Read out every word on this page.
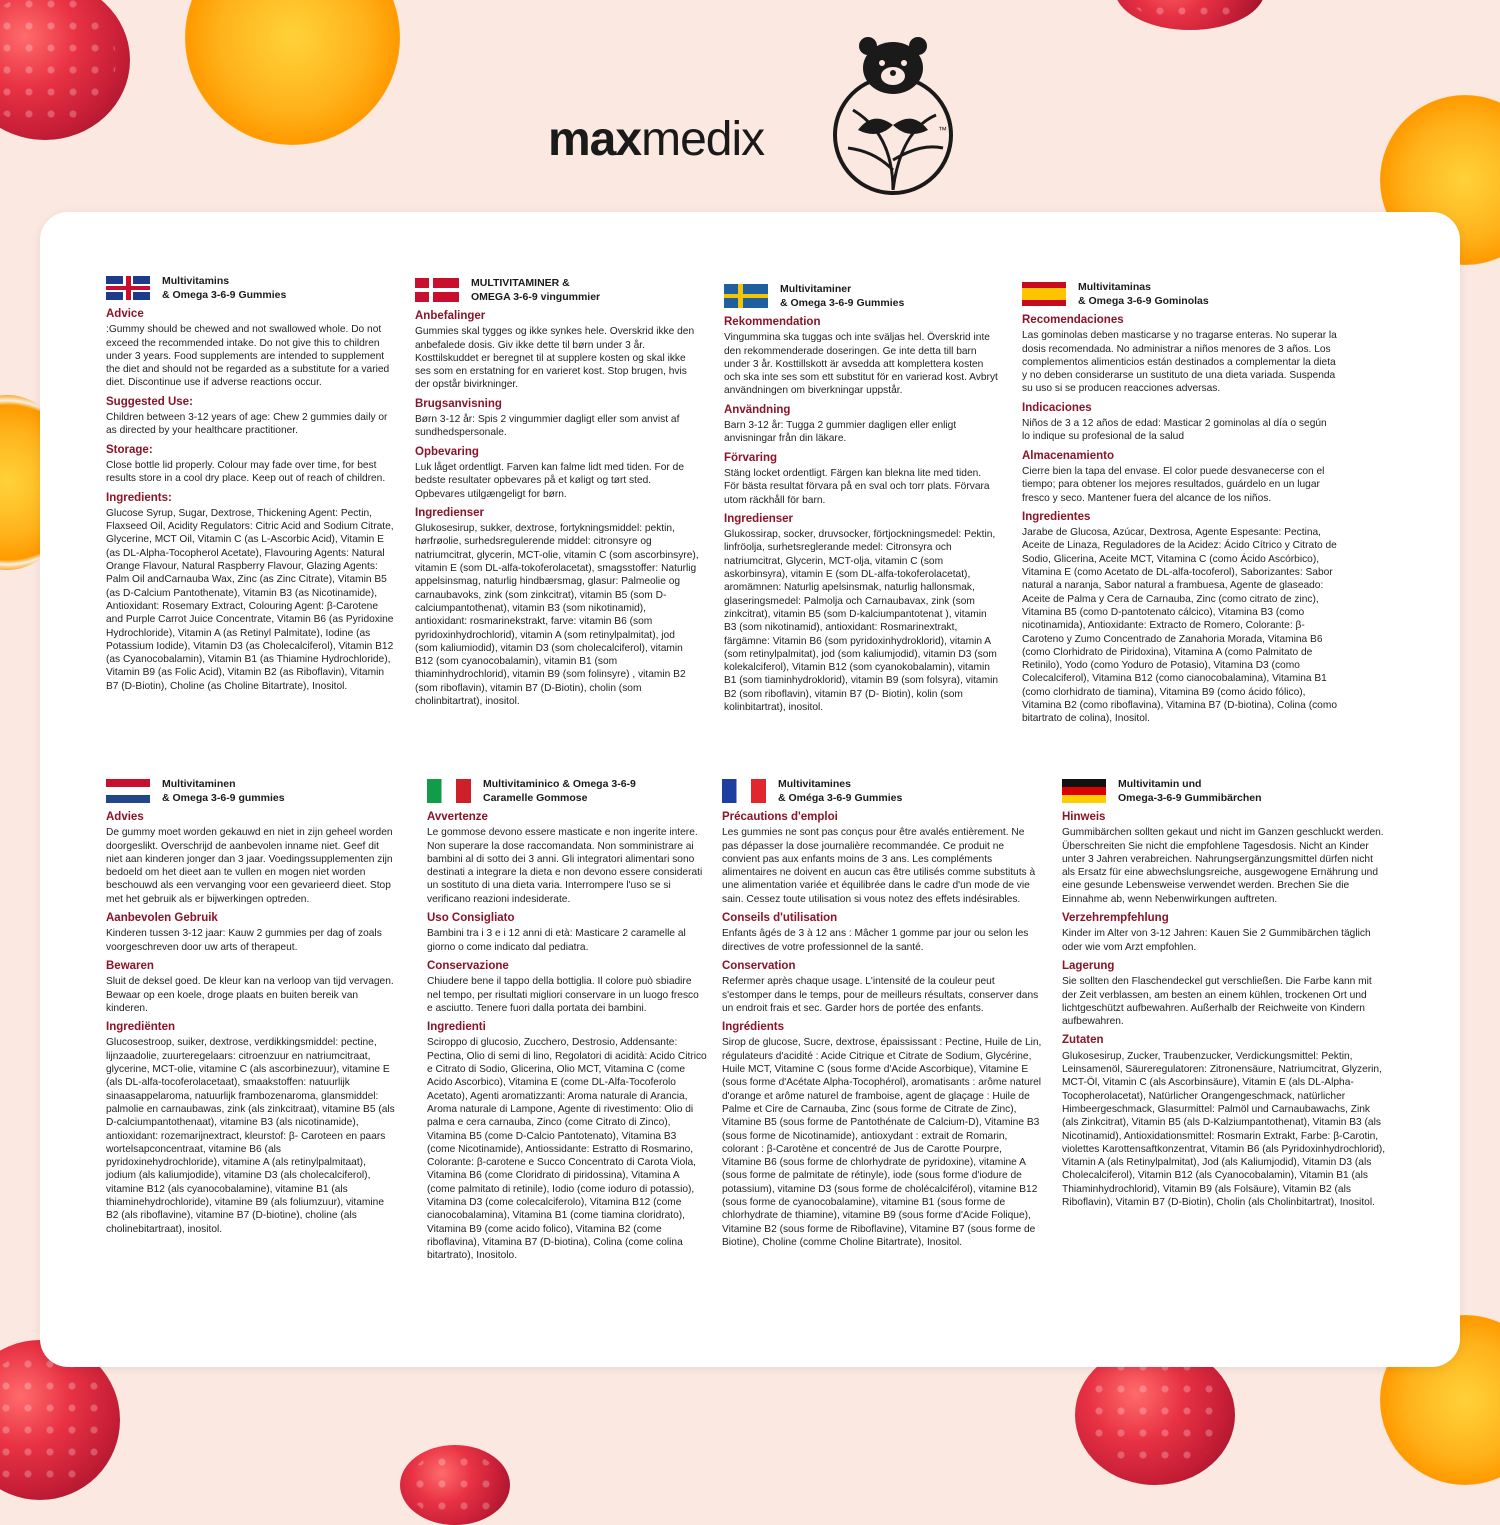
maxmedix	™
Multivitamins
& Omega 3-6-9 Gummies
Advice

:Gummy should be chewed and not swallowed whole. Do not exceed the recommended intake. Do not give this to children under 3 years. Food supplements are intended to supplement the diet and should not be regarded as a substitute for a varied diet. Discontinue use if adverse reactions occur.

Suggested Use:

Children between 3-12 years of age: Chew 2 gummies daily or as directed by your healthcare practitioner.

Storage:

Close bottle lid properly. Colour may fade over time, for best results store in a cool dry place. Keep out of reach of children.

Ingredients:

Glucose Syrup, Sugar, Dextrose, Thickening Agent: Pectin, Flaxseed Oil, Acidity Regulators: Citric Acid and Sodium Citrate, Glycerine, MCT Oil, Vitamin C (as L-Ascorbic Acid), Vitamin E (as DL-Alpha-Tocopherol Acetate), Flavouring Agents: Natural Orange Flavour, Natural Raspberry Flavour, Glazing Agents: Palm Oil andCarnauba Wax, Zinc (as Zinc Citrate), Vitamin B5 (as D-Calcium Pantothenate), Vitamin B3 (as Nicotinamide), Antioxidant: Rosemary Extract, Colouring Agent: β-Carotene and Purple Carrot Juice Concentrate, Vitamin B6 (as Pyridoxine Hydrochloride), Vitamin A (as Retinyl Palmitate), Iodine (as Potassium Iodide), Vitamin D3 (as Cholecalciferol), Vitamin B12 (as Cyanocobalamin), Vitamin B1 (as Thiamine Hydrochloride), Vitamin B9 (as Folic Acid), Vitamin B2 (as Riboflavin), Vitamin B7 (D-Biotin), Choline (as Choline Bitartrate), Inositol.

MULTIVITAMINER &
OMEGA 3-6-9 vingummier
Anbefalinger

Gummies skal tygges og ikke synkes hele. Overskrid ikke den anbefalede dosis. Giv ikke dette til børn under 3 år. Kosttilskuddet er beregnet til at supplere kosten og skal ikke ses som en erstatning for en varieret kost. Stop brugen, hvis der opstår bivirkninger.

Brugsanvisning

Børn 3-12 år: Spis 2 vingummier dagligt eller som anvist af sundhedspersonale.

Opbevaring

Luk låget ordentligt. Farven kan falme lidt med tiden. For de bedste resultater opbevares på et køligt og tørt sted. Opbevares utilgængeligt for børn.

Ingredienser

Glukosesirup, sukker, dextrose, fortykningsmiddel: pektin, hørfrøolie, surhedsregulerende middel: citronsyre og natriumcitrat, glycerin, MCT-olie, vitamin C (som ascorbinsyre), vitamin E (som DL-alfa-tokoferolacetat), smagsstoffer: Naturlig appelsinsmag, naturlig hindbærsmag, glasur: Palmeolie og carnaubavoks, zink (som zinkcitrat), vitamin B5 (som D-calciumpantothenat), vitamin B3 (som nikotinamid), antioxidant: rosmarinekstrakt, farve: vitamin B6 (som pyridoxinhydrochlorid), vitamin A (som retinylpalmitat), jod (som kaliumiodid), vitamin D3 (som cholecalciferol), vitamin B12 (som cyanocobalamin), vitamin B1 (som thiaminhydrochlorid), vitamin B9 (som folinsyre) , vitamin B2 (som riboflavin), vitamin B7 (D-Biotin), cholin (som cholinbitartrat), inositol.

Multivitaminer
& Omega 3-6-9 Gummies
Rekommendation

Vingummina ska tuggas och inte sväljas hel. Överskrid inte den rekommenderade doseringen. Ge inte detta till barn under 3 år. Kosttillskott är avsedda att komplettera kosten och ska inte ses som ett substitut för en varierad kost. Avbryt användningen om biverkningar uppstår.

Användning

Barn 3-12 år: Tugga 2 gummier dagligen eller enligt anvisningar från din läkare.

Förvaring

Stäng locket ordentligt. Färgen kan blekna lite med tiden. För bästa resultat förvara på en sval och torr plats. Förvara utom räckhåll för barn.

Ingredienser

Glukossirap, socker, druvsocker, förtjockningsmedel: Pektin, linfröolja, surhetsreglerande medel: Citronsyra och natriumcitrat, Glycerin, MCT-olja, vitamin C (som askorbinsyra), vitamin E (som DL-alfa-tokoferolacetat), aromämnen: Naturlig apelsinsmak, naturlig hallonsmak, glaseringsmedel: Palmolja och Carnaubavax, zink (som zinkcitrat), vitamin B5 (som D-kalciumpantotenat ), vitamin B3 (som nikotinamid), antioxidant: Rosmarinextrakt, färgämne: Vitamin B6 (som pyridoxinhydroklorid), vitamin A (som retinylpalmitat), jod (som kaliumjodid), vitamin D3 (som kolekalciferol), Vitamin B12 (som cyanokobalamin), vitamin B1 (som tiaminhydroklorid), vitamin B9 (som folsyra), vitamin B2 (som riboflavin), vitamin B7 (D- Biotin), kolin (som kolinbitartrat), inositol.

Multivitaminas
& Omega 3-6-9 Gominolas
Recomendaciones

Las gominolas deben masticarse y no tragarse enteras. No superar la dosis recomendada. No administrar a niños menores de 3 años. Los complementos alimenticios están destinados a complementar la dieta y no deben considerarse un sustituto de una dieta variada. Suspenda su uso si se producen reacciones adversas.

Indicaciones

Niños de 3 a 12 años de edad: Masticar 2 gominolas al día o según lo indique su profesional de la salud

Almacenamiento

Cierre bien la tapa del envase. El color puede desvanecerse con el tiempo; para obtener los mejores resultados, guárdelo en un lugar fresco y seco. Mantener fuera del alcance de los niños.

Ingredientes

Jarabe de Glucosa, Azúcar, Dextrosa, Agente Espesante: Pectina, Aceite de Linaza, Reguladores de la Acidez: Ácido Cítrico y Citrato de Sodio, Glicerina, Aceite MCT, Vitamina C (como Ácido Ascórbico), Vitamina E (como Acetato de DL-alfa-tocoferol), Saborizantes: Sabor natural a naranja, Sabor natural a frambuesa, Agente de glaseado: Aceite de Palma y Cera de Carnauba, Zinc (como citrato de zinc), Vitamina B5 (como D-pantotenato cálcico), Vitamina B3 (como nicotinamida), Antioxidante: Extracto de Romero, Colorante: β-Caroteno y Zumo Concentrado de Zanahoria Morada, Vitamina B6 (como Clorhidrato de Piridoxina), Vitamina A (como Palmitato de Retinilo), Yodo (como Yoduro de Potasio), Vitamina D3 (como Colecalciferol), Vitamina B12 (como cianocobalamina), Vitamina B1 (como clorhidrato de tiamina), Vitamina B9 (como ácido fólico), Vitamina B2 (como riboflavina), Vitamina B7 (D-biotina), Colina (como bitartrato de colina), Inositol.

Multivitaminen
& Omega 3-6-9 gummies
Advies

De gummy moet worden gekauwd en niet in zijn geheel worden doorgeslikt. Overschrijd de aanbevolen inname niet. Geef dit niet aan kinderen jonger dan 3 jaar. Voedingssupplementen zijn bedoeld om het dieet aan te vullen en mogen niet worden beschouwd als een vervanging voor een gevarieerd dieet. Stop met het gebruik als er bijwerkingen optreden.

Aanbevolen Gebruik

Kinderen tussen 3-12 jaar: Kauw 2 gummies per dag of zoals voorgeschreven door uw arts of therapeut.

Bewaren

Sluit de deksel goed. De kleur kan na verloop van tijd vervagen. Bewaar op een koele, droge plaats en buiten bereik van kinderen.

Ingrediënten

Glucosestroop, suiker, dextrose, verdikkingsmiddel: pectine, lijnzaadolie, zuurteregelaars: citroenzuur en natriumcitraat, glycerine, MCT-olie, vitamine C (als ascorbinezuur), vitamine E (als DL-alfa-tocoferolacetaat), smaakstoffen: natuurlijk sinaasappelaroma, natuurlijk frambozenaroma, glansmiddel: palmolie en carnaubawas, zink (als zinkcitraat), vitamine B5 (als D-calciumpantothenaat), vitamine B3 (als nicotinamide), antioxidant: rozemarijnextract, kleurstof: β- Caroteen en paars wortelsapconcentraat, vitamine B6 (als pyridoxinehydrochloride), vitamine A (als retinylpalmitaat), jodium (als kaliumjodide), vitamine D3 (als cholecalciferol), vitamine B12 (als cyanocobalamine), vitamine B1 (als thiaminehydrochloride), vitamine B9 (als foliumzuur), vitamine B2 (als riboflavine), vitamine B7 (D-biotine), choline (als cholinebitartraat), inositol.

Multivitaminico & Omega 3-6-9
Caramelle Gommose
Avvertenze

Le gommose devono essere masticate e non ingerite intere. Non superare la dose raccomandata. Non somministrare ai bambini al di sotto dei 3 anni. Gli integratori alimentari sono destinati a integrare la dieta e non devono essere considerati un sostituto di una dieta varia. Interrompere l'uso se si verificano reazioni indesiderate.

Uso Consigliato

Bambini tra i 3 e i 12 anni di età: Masticare 2 caramelle al giorno o come indicato dal pediatra.

Conservazione

Chiudere bene il tappo della bottiglia. Il colore può sbiadire nel tempo, per risultati migliori conservare in un luogo fresco e asciutto. Tenere fuori dalla portata dei bambini.

Ingredienti

Sciroppo di glucosio, Zucchero, Destrosio, Addensante: Pectina, Olio di semi di lino, Regolatori di acidità: Acido Citrico e Citrato di Sodio, Glicerina, Olio MCT, Vitamina C (come Acido Ascorbico), Vitamina E (come DL-Alfa-Tocoferolo Acetato), Agenti aromatizzanti: Aroma naturale di Arancia, Aroma naturale di Lampone, Agente di rivestimento: Olio di palma e cera carnauba, Zinco (come Citrato di Zinco), Vitamina B5 (come D-Calcio Pantotenato), Vitamina B3 (come Nicotinamide), Antiossidante: Estratto di Rosmarino, Colorante: β-carotene e Succo Concentrato di Carota Viola, Vitamina B6 (come Cloridrato di piridossina), Vitamina A (come palmitato di retinile), Iodio (come ioduro di potassio), Vitamina D3 (come colecalciferolo), Vitamina B12 (come cianocobalamina), Vitamina B1 (come tiamina cloridrato), Vitamina B9 (come acido folico), Vitamina B2 (come riboflavina), Vitamina B7 (D-biotina), Colina (come colina bitartrato), Inositolo.

Multivitamines
& Oméga 3-6-9 Gummies
Précautions d'emploi

Les gummies ne sont pas conçus pour être avalés entièrement. Ne pas dépasser la dose journalière recommandée. Ce produit ne convient pas aux enfants moins de 3 ans. Les compléments alimentaires ne doivent en aucun cas être utilisés comme substituts à une alimentation variée et équilibrée dans le cadre d'un mode de vie sain. Cessez toute utilisation si vous notez des effets indésirables.

Conseils d'utilisation

Enfants âgés de 3 à 12 ans : Mâcher 1 gomme par jour ou selon les directives de votre professionnel de la santé.

Conservation

Refermer après chaque usage. L'intensité de la couleur peut s'estomper dans le temps, pour de meilleurs résultats, conserver dans un endroit frais et sec. Garder hors de portée des enfants.

Ingrédients

Sirop de glucose, Sucre, dextrose, épaississant : Pectine, Huile de Lin, régulateurs d'acidité : Acide Citrique et Citrate de Sodium, Glycérine, Huile MCT, Vitamine C (sous forme d'Acide Ascorbique), Vitamine E (sous forme d'Acétate Alpha-Tocophérol), aromatisants : arôme naturel d'orange et arôme naturel de framboise, agent de glaçage : Huile de Palme et Cire de Carnauba, Zinc (sous forme de Citrate de Zinc), Vitamine B5 (sous forme de Pantothénate de Calcium-D), Vitamine B3 (sous forme de Nicotinamide), antioxydant : extrait de Romarin, colorant : β-Carotène et concentré de Jus de Carotte Pourpre, Vitamine B6 (sous forme de chlorhydrate de pyridoxine), vitamine A (sous forme de palmitate de rétinyle), iode (sous forme d'iodure de potassium), vitamine D3 (sous forme de cholécalciférol), vitamine B12 (sous forme de cyanocobalamine), vitamine B1 (sous forme de chlorhydrate de thiamine), vitamine B9 (sous forme d'Acide Folique), Vitamine B2 (sous forme de Riboflavine), Vitamine B7 (sous forme de Biotine), Choline (comme Choline Bitartrate), Inositol.

Multivitamin und
Omega-3-6-9 Gummibärchen
Hinweis

Gummibärchen sollten gekaut und nicht im Ganzen geschluckt werden. Überschreiten Sie nicht die empfohlene Tagesdosis. Nicht an Kinder unter 3 Jahren verabreichen. Nahrungsergänzungsmittel dürfen nicht als Ersatz für eine abwechslungsreiche, ausgewogene Ernährung und eine gesunde Lebensweise verwendet werden. Brechen Sie die Einnahme ab, wenn Nebenwirkungen auftreten.

Verzehrempfehlung

Kinder im Alter von 3-12 Jahren: Kauen Sie 2 Gummibärchen täglich oder wie vom Arzt empfohlen.

Lagerung

Sie sollten den Flaschendeckel gut verschließen. Die Farbe kann mit der Zeit verblassen, am besten an einem kühlen, trockenen Ort und lichtgeschützt aufbewahren. Außerhalb der Reichweite von Kindern aufbewahren.

Zutaten

Glukosesirup, Zucker, Traubenzucker, Verdickungsmittel: Pektin, Leinsamenöl, Säureregulatoren: Zitronensäure, Natriumcitrat, Glyzerin, MCT-Öl, Vitamin C (als Ascorbinsäure), Vitamin E (als DL-Alpha-Tocopherolacetat), Natürlicher Orangengeschmack, natürlicher Himbeergeschmack, Glasurmittel: Palmöl und Carnaubawachs, Zink (als Zinkcitrat), Vitamin B5 (als D-Kalziumpantothenat), Vitamin B3 (als Nicotinamid), Antioxidationsmittel: Rosmarin Extrakt, Farbe: β-Carotin, violettes Karottensaftkonzentrat, Vitamin B6 (als Pyridoxinhydrochlorid), Vitamin A (als Retinylpalmitat), Jod (als Kaliumjodid), Vitamin D3 (als Cholecalciferol), Vitamin B12 (als Cyanocobalamin), Vitamin B1 (als Thiaminhydrochlorid), Vitamin B9 (als Folsäure), Vitamin B2 (als Riboflavin), Vitamin B7 (D-Biotin), Cholin (als Cholinbitartrat), Inositol.
